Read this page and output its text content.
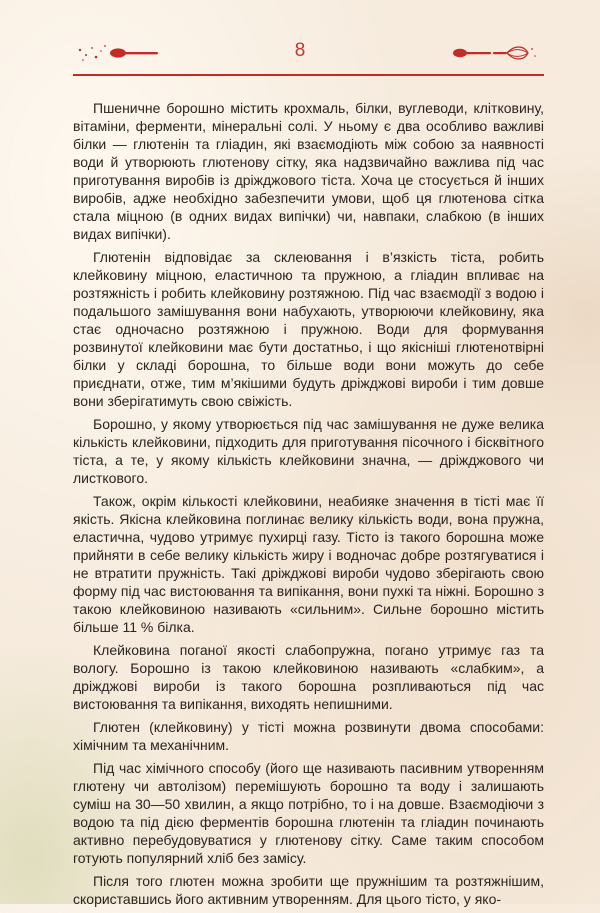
8

Пшеничне борошно містить крохмаль, білки, вуглеводи, клітковину, вітаміни, ферменти, мінеральні солі. У ньому є два особливо важливі білки — глютенін та гліадин, які взаємодіють між собою за наявності води й утворюють глютенову сітку, яка надзвичайно важлива під час приготування виробів із дріжджового тіста. Хоча це стосується й інших виробів, адже необхідно забезпечити умови, щоб ця глютенова сітка стала міцною (в одних видах випічки) чи, навпаки, слабкою (в інших видах випічки).

Глютенін відповідає за склеювання і в’язкість тіста, робить клейковину міцною, еластичною та пружною, а гліадин впливає на розтяжність і робить клейковину розтяжною. Під час взаємодії з водою і подальшого замішування вони набухають, утворюючи клейковину, яка стає одночасно розтяжною і пружною. Води для формування розвинутої клейковини має бути достатньо, і що якісніші глютенотвірні білки у складі борошна, то більше води вони можуть до себе приєднати, отже, тим м’якішими будуть дріжджові вироби і тим довше вони зберігатимуть свою свіжість.

Борошно, у якому утворюється під час замішування не дуже велика кількість клейковини, підходить для приготування пісочного і бісквітного тіста, а те, у якому кількість клейковини значна, — дріжджового чи листкового.

Також, окрім кількості клейковини, неабияке значення в тісті має її якість. Якісна клейковина поглинає велику кількість води, вона пружна, еластична, чудово утримує пухирці газу. Тісто із такого борошна може прийняти в себе велику кількість жиру і водночас добре розтягуватися і не втратити пружність. Такі дріжджові вироби чудово зберігають свою форму під час вистоювання та випікання, вони пухкі та ніжні. Борошно з такою клейковиною називають «сильним». Сильне борошно містить більше 11 % білка.

Клейковина поганої якості слабопружна, погано утримує газ та вологу. Борошно із такою клейковиною називають «слабким», а дріжджові вироби із такого борошна розпливаються під час вистоювання та випікання, виходять непишними.

Глютен (клейковину) у тісті можна розвинути двома способами: хімічним та механічним.

Під час хімічного способу (його ще називають пасивним утворенням глютену чи автолізом) перемішують борошно та воду і залишають суміш на 30—50 хвилин, а якщо потрібно, то і на довше. Взаємодіючи з водою та під дією ферментів борошна глютенін та гліадин починають активно перебудовуватися у глютенову сітку. Саме таким способом готують популярний хліб без замісу.

Після того глютен можна зробити ще пружнішим та розтяжнішим, скориставшись його активним утворенням. Для цього тісто, у яко-
